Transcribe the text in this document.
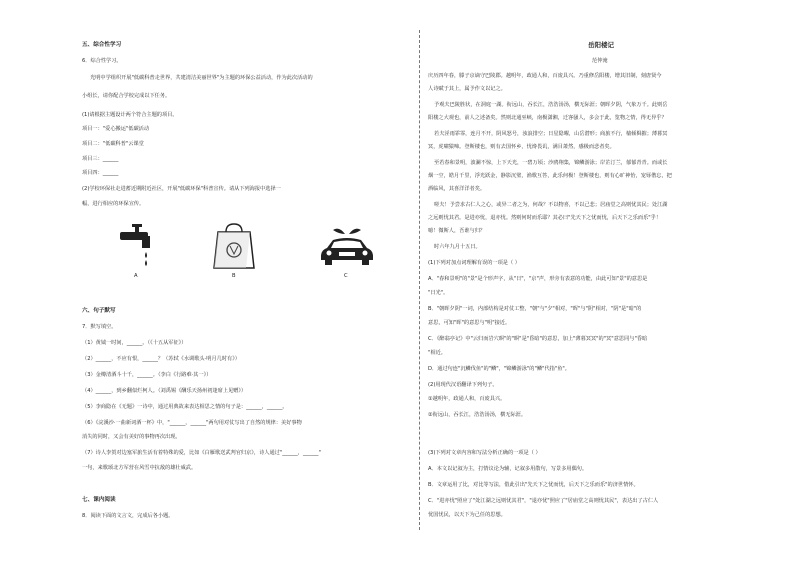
五、综合性学习
6．综合性学习。
光明中学组织开展"低碳科普走世界，共建清洁美丽世界"为主题的环保公益活动，作为此次活动的
小组长，请你配合学校完成以下任务。
(1)请根据主题设计两个符合主题的项目。
项目一："爱心搬运"低碳活动
项目二："低碳科普"云课堂
项目三：______
项目四：______
(2)学校环保社走进蓄近期附近社区，开展"低碳环保"科普宣传。请从下列海报中选择一
幅，进行相应的环保宣传。
A	B	C
六、句子默写
7．默写填空。
（1）黄钺一时间，______。（《十五从军征》）
（2）______，不应有恨，______？（苏轼《水调歌头·明月几时有》）
（3）金樽清酒斗十千，______。（李白《行路难·其一》）
（4）______，到乡翻似烂柯人。（刘禹锡《酬乐天扬州初逢席上见赠》）
（5）李商隐在《无题》一诗中，通过用典故来表达相思之情的句子是：______，______。
（6）《浣溪沙·一曲新词酒一杯》中，"______，______"两句用对仗写出了自然的规律：美好事物
消失的同时，又会有美好的事物再次出现。
（7）诗人李贺对边塞军旅生活有着特殊的爱，比如《白雁歌送武判官归京》，诗人通过"______，______"
一句，来歌颂北方军营在风雪中抗敌的雄壮威武。
七、课内阅读
8．阅读下面的文言文，完成后各小题。
岳阳楼记
范仲淹
庆历四年春，滕子京谪守巴陵郡。越明年，政通人和，百废具兴。乃重修岳阳楼，增其旧制，刻唐贤今
人诗赋于其上，属予作文以记之。
予观夫巴陵胜状，在洞庭一湖。衔远山，吞长江，浩浩汤汤，横无际涯；朝晖夕阴，气象万千。此则岳
阳楼之大观也，前人之述备矣。然则北通巫峡，南极潇湘，迁客骚人，多会于此，览物之情，得无异乎？
若夫淫雨霏霏，连月不开，阴风怒号，浊浪排空；日星隐曜，山岳潜形；商旅不行，樯倾楫摧；薄暮冥
冥，虎啸猿啼。登斯楼也，则有去国怀乡，忧谗畏讥，满目萧然，感极而悲者矣。
至若春和景明，波澜不惊，上下天光，一碧万顷；沙鸥翔集，锦鳞游泳；岸芷汀兰，郁郁青青。而或长
烟一空，皓月千里，浮光跃金，静影沉璧，渔歌互答，此乐何极！登斯楼也，则有心旷神怡，宠辱偕忘，把
酒临风，其喜洋洋者矣。
嗟夫！予尝求古仁人之心，或异二者之为，何哉？不以物喜，不以己悲；居庙堂之高则忧其民；处江湖
之远则忧其君。是进亦忧，退亦忧。然则何时而乐耶？其必曰"先天下之忧而忧，后天下之乐而乐"乎！
噫！微斯人，吾谁与归？
时六年九月十五日。
(1)下列对加点词理解有误的一项是（ ）
A．"春和景明"的"景"是个形声字，从"日"，"京"声，形旁有表意的功能，由此可知"景"的意思是
"日光"。
B．"朝晖夕阴"一词，内部结构是对仗工整，"朝"与"夕"相对，"晖"与"阴"相对，"阴"是"暗"的
意思，可知"晖"的意思与"明"接近。
C．《醉翁亭记》中"云归而岩穴暝"的"暝"是"昏暗"的意思，加上"薄暮冥冥"的"冥"意思同与"昏暗
"相近。
D．通过句连"沉鳞伐鱼"的"鳞"，"锦鳞游泳"的"鳞"代指"鱼"。
(2)用现代汉语翻译下列句子。
①越明年，政通人和，百废具兴。
②衔远山，吞长江，浩浩汤汤，横无际涯。
(3)下列对文章内容和写法分析正确的一项是（ ）
A．本文以记叙为主，打情议论为辅，记叙多用散句，写景多用偶句。
B．文章运用了比，对比等写法，借此引出"先天下之忧而忧，后天下之乐而乐"的济世情怀。
C．"进亦忧"照应了"处江湖之远则忧其君"，"退亦忧"照应了"居庙堂之高则忧其民"，表达出了古仁人
忧国忧民，以天下为己任的思想。
